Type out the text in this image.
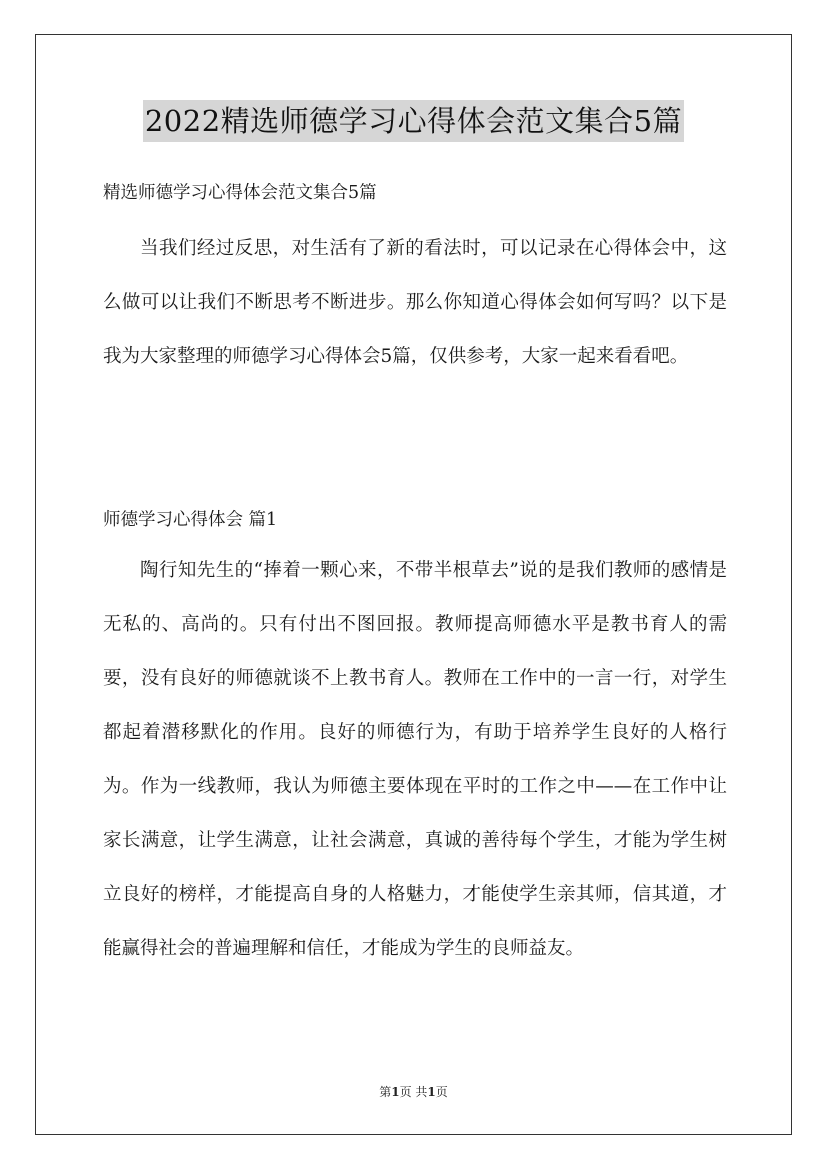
2022精选师德学习心得体会范文集合5篇
精选师德学习心得体会范文集合5篇

当我们经过反思，对生活有了新的看法时，可以记录在心得体会中，这么做可以让我们不断思考不断进步。那么你知道心得体会如何写吗？以下是我为大家整理的师德学习心得体会5篇，仅供参考，大家一起来看看吧。

师德学习心得体会 篇1

陶行知先生的“捧着一颗心来，不带半根草去”说的是我们教师的感情是无私的、高尚的。只有付出不图回报。教师提高师德水平是教书育人的需要，没有良好的师德就谈不上教书育人。教师在工作中的一言一行，对学生都起着潜移默化的作用。良好的师德行为，有助于培养学生良好的人格行为。作为一线教师，我认为师德主要体现在平时的工作之中——在工作中让家长满意，让学生满意，让社会满意，真诚的善待每个学生，才能为学生树立良好的榜样，才能提高自身的人格魅力，才能使学生亲其师，信其道，才能赢得社会的普遍理解和信任，才能成为学生的良师益友。

第1页 共1页
